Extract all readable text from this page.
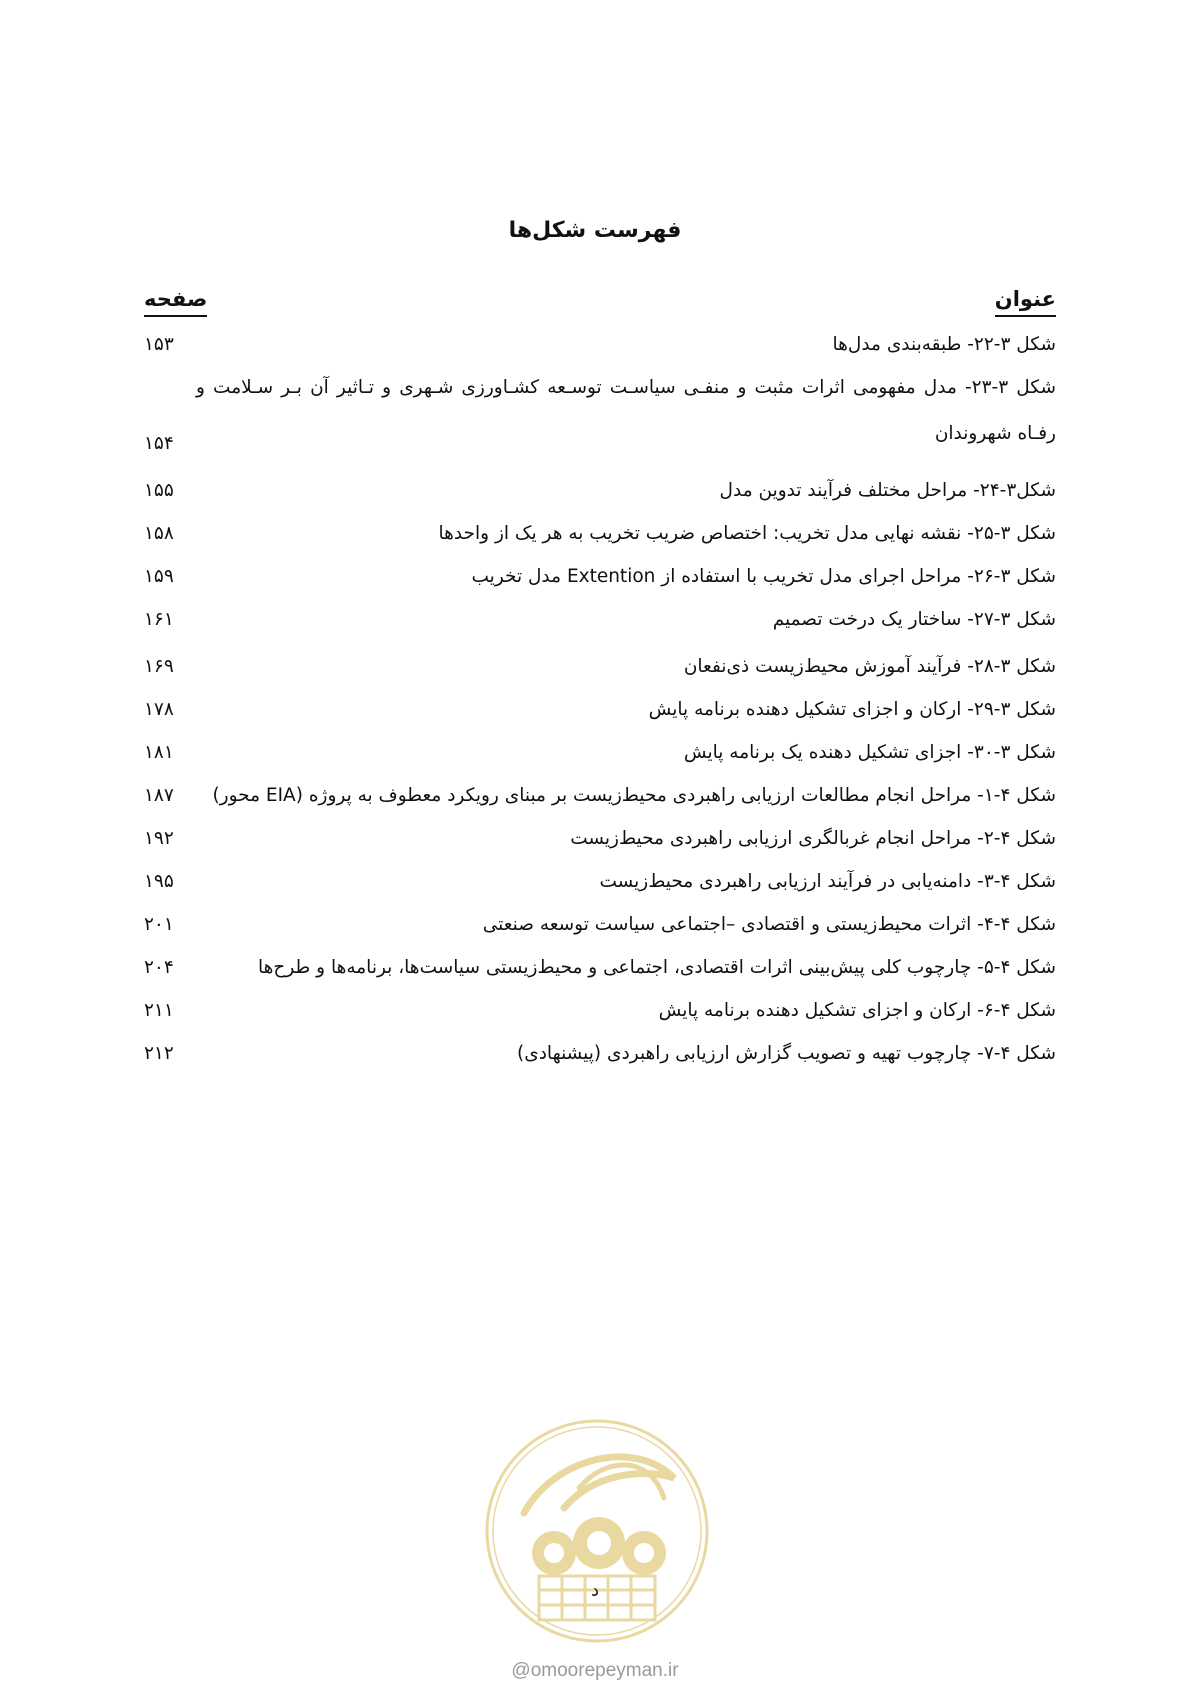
فهرست شکل‌ها
عنوان
صفحه
شکل ۳-۲۲- طبقه‌بندی مدل‌ها
۱۵۳
شکل ۳-۲۳- مدل مفهومی اثرات مثبت و منفـی سیاسـت توسـعه کشـاورزی شـهری و تـاثیر آن بـر سـلامت و رفـاه شهروندان
۱۵۴
شکل۳-۲۴- مراحل مختلف فرآیند تدوین مدل
۱۵۵
شکل ۳-۲۵- نقشه نهایی مدل تخریب: اختصاص ضریب تخریب به هر یک از واحدها
۱۵۸
شکل ۳-۲۶- مراحل اجرای مدل تخریب با استفاده از Extention مدل تخریب
۱۵۹
شکل ۳-۲۷- ساختار یک درخت تصمیم
۱۶۱
شکل ۳-۲۸- فرآیند آموزش محیط‌زیست ذی‌نفعان
۱۶۹
شکل ۳-۲۹- ارکان و اجزای تشکیل دهنده برنامه پایش
۱۷۸
شکل ۳-۳۰- اجزای تشکیل دهنده یک برنامه پایش
۱۸۱
شکل ۴-۱- مراحل انجام مطالعات ارزیابی راهبردی محیط‌زیست بر مبنای رویکرد معطوف به پروژه (EIA محور)
۱۸۷
شکل ۴-۲- مراحل انجام غربالگری ارزیابی راهبردی محیط‌زیست
۱۹۲
شکل ۴-۳- دامنه‌یابی در فرآیند ارزیابی راهبردی محیط‌زیست
۱۹۵
شکل ۴-۴- اثرات محیط‌زیستی و اقتصادی –اجتماعی سیاست توسعه صنعتی
۲۰۱
شکل ۴-۵- چارچوب کلی پیش‌بینی اثرات اقتصادی، اجتماعی و محیط‌زیستی سیاست‌ها، برنامه‌ها و طرح‌ها
۲۰۴
شکل ۴-۶- ارکان و اجزای تشکیل دهنده برنامه پایش
۲۱۱
شکل ۴-۷- چارچوب تهیه و تصویب گزارش ارزیابی راهبردی (پیشنهادی)
۲۱۲
د
@omoorepeyman.ir
